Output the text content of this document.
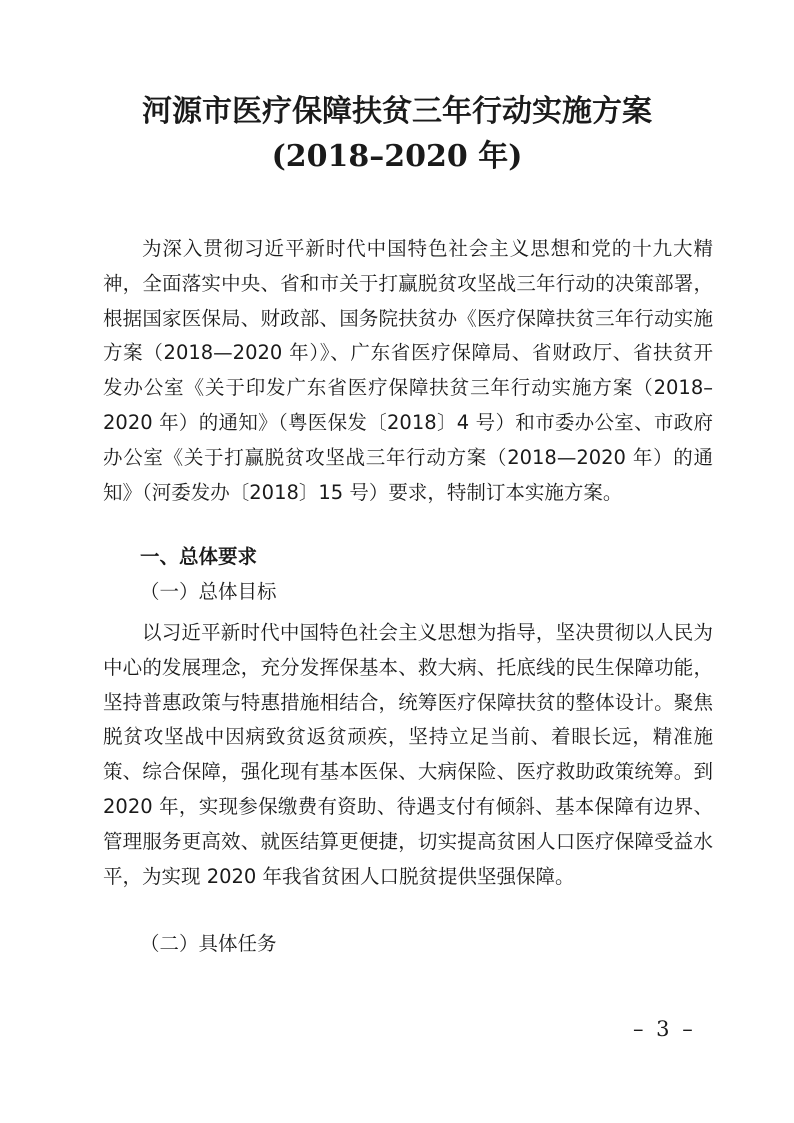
河源市医疗保障扶贫三年行动实施方案
(2018–2020 年)

为深入贯彻习近平新时代中国特色社会主义思想和党的十九大精神，全面落实中央、省和市关于打赢脱贫攻坚战三年行动的决策部署，根据国家医保局、财政部、国务院扶贫办《医疗保障扶贫三年行动实施方案（2018—2020 年）》、广东省医疗保障局、省财政厅、省扶贫开发办公室《关于印发广东省医疗保障扶贫三年行动实施方案（2018–2020 年）的通知》（粤医保发〔2018〕4 号）和市委办公室、市政府办公室《关于打赢脱贫攻坚战三年行动方案（2018—2020 年）的通知》（河委发办〔2018〕15 号）要求，特制订本实施方案。

一、总体要求
（一）总体目标

以习近平新时代中国特色社会主义思想为指导，坚决贯彻以人民为中心的发展理念，充分发挥保基本、救大病、托底线的民生保障功能，坚持普惠政策与特惠措施相结合，统筹医疗保障扶贫的整体设计。聚焦脱贫攻坚战中因病致贫返贫顽疾，坚持立足当前、着眼长远，精准施策、综合保障，强化现有基本医保、大病保险、医疗救助政策统筹。到 2020 年，实现参保缴费有资助、待遇支付有倾斜、基本保障有边界、管理服务更高效、就医结算更便捷，切实提高贫困人口医疗保障受益水平，为实现 2020 年我省贫困人口脱贫提供坚强保障。

（二）具体任务
– 3 –
